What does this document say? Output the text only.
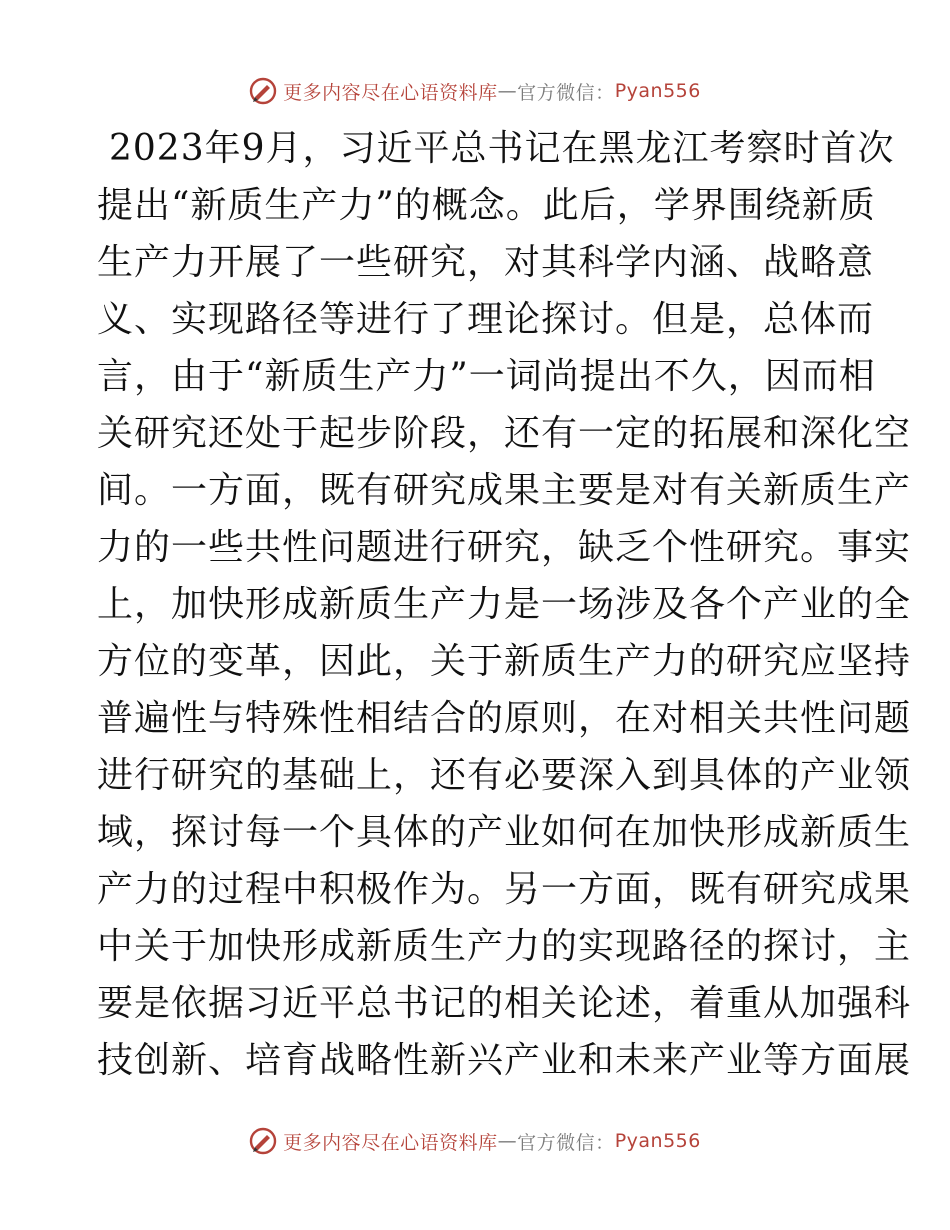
更多内容尽在心语资料库 — 官方微信： Pyan556
2023年9月，习近平总书记在黑龙江考察时首次
提出“新质生产力”的概念。此后，学界围绕新质
生产力开展了一些研究，对其科学内涵、战略意
义、实现路径等进行了理论探讨。但是，总体而
言，由于“新质生产力”一词尚提出不久，因而相
关研究还处于起步阶段，还有一定的拓展和深化空
间。一方面，既有研究成果主要是对有关新质生产
力的一些共性问题进行研究，缺乏个性研究。事实
上，加快形成新质生产力是一场涉及各个产业的全
方位的变革，因此，关于新质生产力的研究应坚持
普遍性与特殊性相结合的原则，在对相关共性问题
进行研究的基础上，还有必要深入到具体的产业领
域，探讨每一个具体的产业如何在加快形成新质生
产力的过程中积极作为。另一方面，既有研究成果
中关于加快形成新质生产力的实现路径的探讨，主
要是依据习近平总书记的相关论述，着重从加强科
技创新、培育战略性新兴产业和未来产业等方面展
更多内容尽在心语资料库 — 官方微信： Pyan556
